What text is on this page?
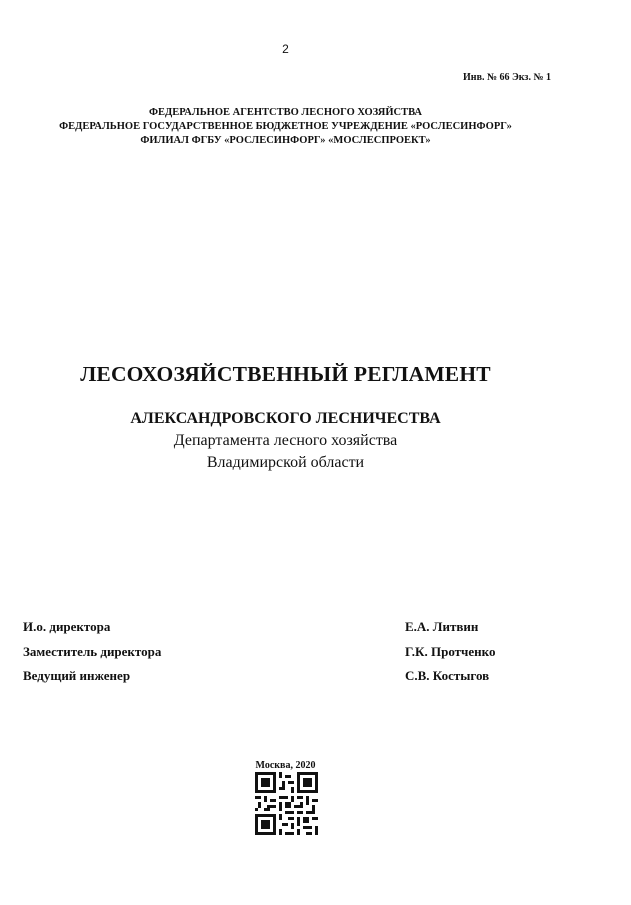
2
Инв. № 66 Экз. № 1
ФЕДЕРАЛЬНОЕ АГЕНТСТВО ЛЕСНОГО ХОЗЯЙСТВА
ФЕДЕРАЛЬНОЕ ГОСУДАРСТВЕННОЕ БЮДЖЕТНОЕ УЧРЕЖДЕНИЕ «РОСЛЕСИНФОРГ»
ФИЛИАЛ ФГБУ «РОСЛЕСИНФОРГ» «МОСЛЕСПРОЕКТ»
ЛЕСОХОЗЯЙСТВЕННЫЙ РЕГЛАМЕНТ
АЛЕКСАНДРОВСКОГО ЛЕСНИЧЕСТВА
Департамента лесного хозяйства
Владимирской области
И.о. директора
Заместитель директора
Ведущий инженер
Е.А. Литвин
Г.К. Протченко
С.В. Костыгов
Москва, 2020
